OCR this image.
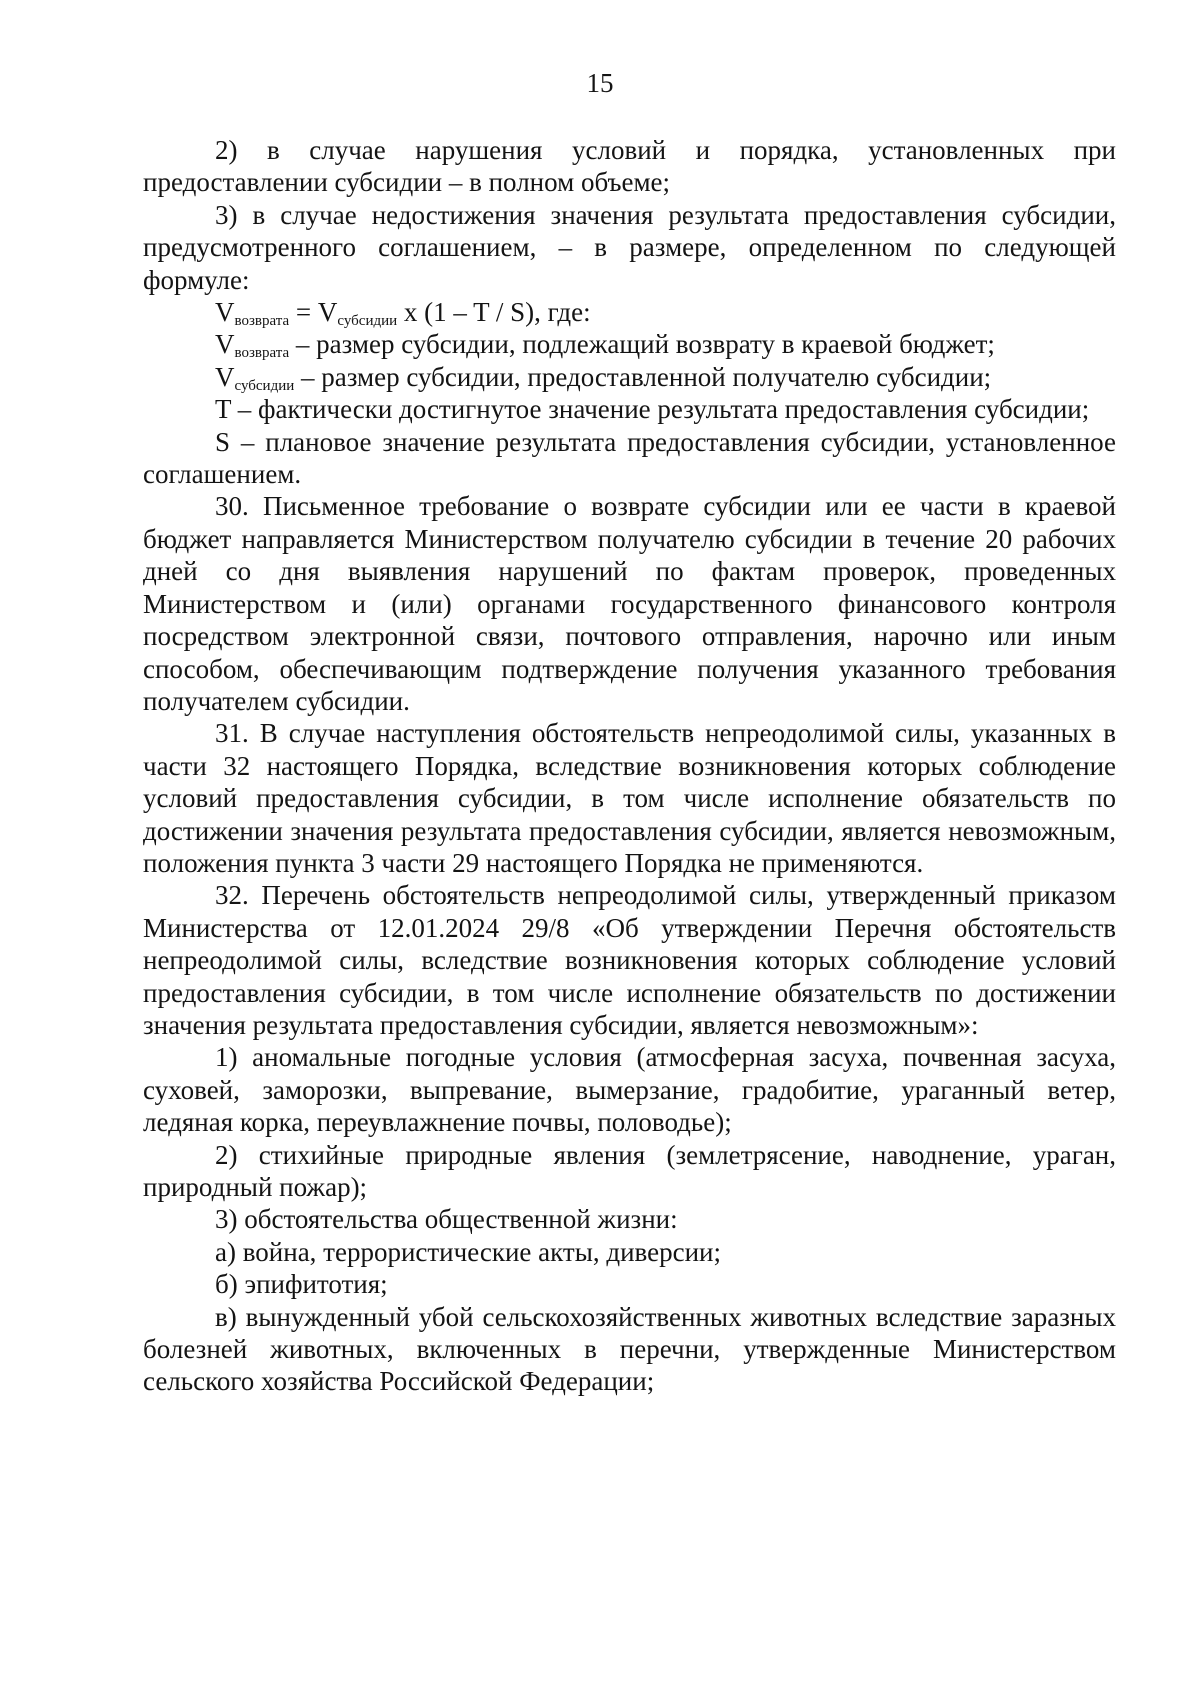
15

2) в случае нарушения условий и порядка, установленных при предоставлении субсидии – в полном объеме;

3) в случае недостижения значения результата предоставления субсидии, предусмотренного соглашением, – в размере, определенном по следующей формуле:

$V_{возврата} = V_{субсидии}$ x (1 – T / S), где:

$V_{возврата}$ – размер субсидии, подлежащий возврату в краевой бюджет;

$V_{субсидии}$ – размер субсидии, предоставленной получателю субсидии;

T – фактически достигнутое значение результата предоставления субсидии;

S – плановое значение результата предоставления субсидии, установленное соглашением.

30. Письменное требование о возврате субсидии или ее части в краевой бюджет направляется Министерством получателю субсидии в течение 20 рабочих дней со дня выявления нарушений по фактам проверок, проведенных Министерством и (или) органами государственного финансового контроля посредством электронной связи, почтового отправления, нарочно или иным способом, обеспечивающим подтверждение получения указанного требования получателем субсидии.

31. В случае наступления обстоятельств непреодолимой силы, указанных в части 32 настоящего Порядка, вследствие возникновения которых соблюдение условий предоставления субсидии, в том числе исполнение обязательств по достижении значения результата предоставления субсидии, является невозможным, положения пункта 3 части 29 настоящего Порядка не применяются.

32. Перечень обстоятельств непреодолимой силы, утвержденный приказом Министерства от 12.01.2024 29/8 «Об утверждении Перечня обстоятельств непреодолимой силы, вследствие возникновения которых соблюдение условий предоставления субсидии, в том числе исполнение обязательств по достижении значения результата предоставления субсидии, является невозможным»:

1) аномальные погодные условия (атмосферная засуха, почвенная засуха, суховей, заморозки, выпревание, вымерзание, градобитие, ураганный ветер, ледяная корка, переувлажнение почвы, половодье);

2) стихийные природные явления (землетрясение, наводнение, ураган, природный пожар);

3) обстоятельства общественной жизни:

а) война, террористические акты, диверсии;

б) эпифитотия;

в) вынужденный убой сельскохозяйственных животных вследствие заразных болезней животных, включенных в перечни, утвержденные Министерством сельского хозяйства Российской Федерации;
